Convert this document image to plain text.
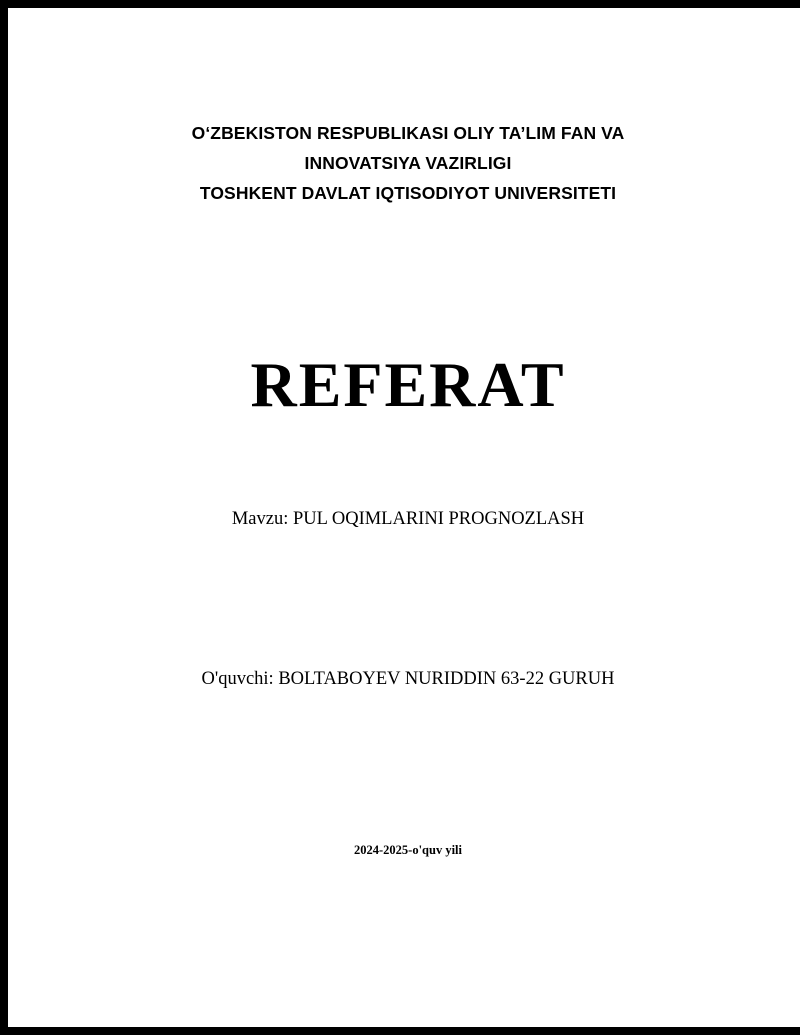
O‘ZBEKISTON RESPUBLIKASI OLIY TA’LIM FAN VA
INNOVATSIYA VAZIRLIGI
TOSHKENT DAVLAT IQTISODIYOT UNIVERSITETI
REFERAT
Mavzu: PUL OQIMLARINI PROGNOZLASH
O'quvchi: BOLTABOYEV NURIDDIN 63-22 GURUH
2024-2025-o'quv yili
